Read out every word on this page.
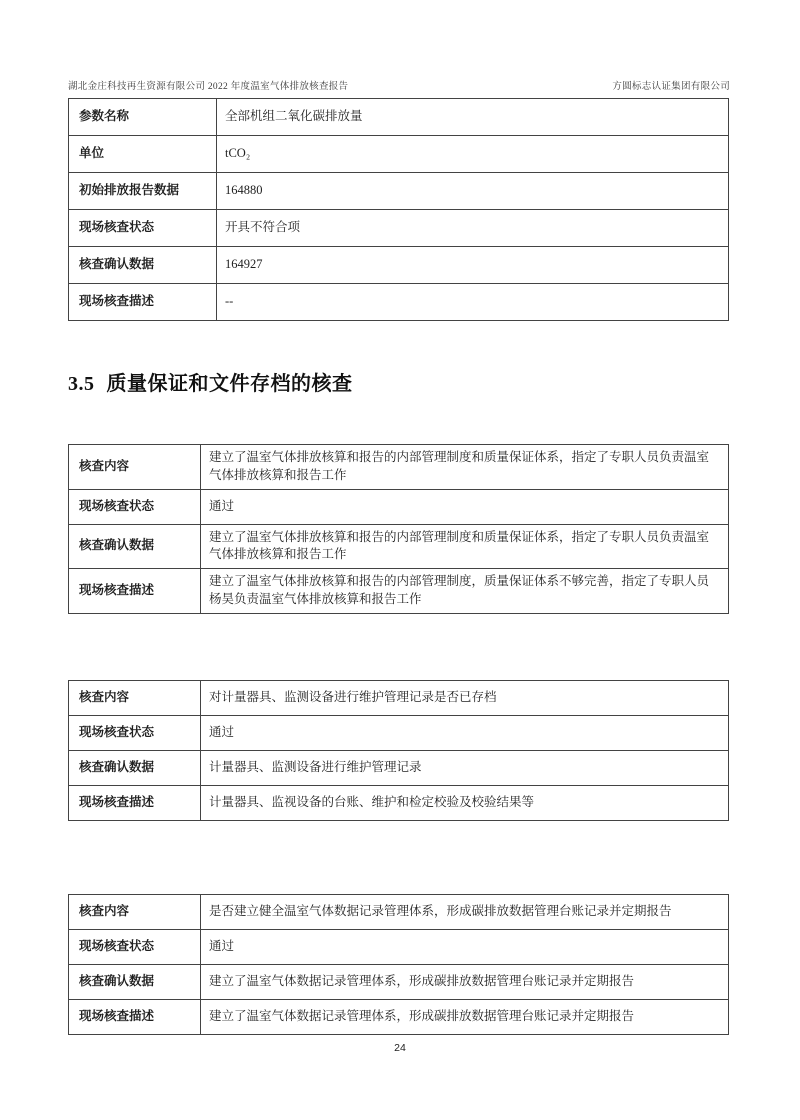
湖北金庄科技再生资源有限公司 2022 年度温室气体排放核查报告	方圆标志认证集团有限公司
参数名称	全部机组二氧化碳排放量
单位	tCO₂
初始排放报告数据	164880
现场核查状态	开具不符合项
核查确认数据	164927
现场核查描述	--
3.5 质量保证和文件存档的核查
核查内容	建立了温室气体排放核算和报告的内部管理制度和质量保证体系，指定了专职人员负责温室气体排放核算和报告工作
现场核查状态	通过
核查确认数据	建立了温室气体排放核算和报告的内部管理制度和质量保证体系，指定了专职人员负责温室气体排放核算和报告工作
现场核查描述	建立了温室气体排放核算和报告的内部管理制度，质量保证体系不够完善，指定了专职人员杨昊负责温室气体排放核算和报告工作
核查内容	对计量器具、监测设备进行维护管理记录是否已存档
现场核查状态	通过
核查确认数据	计量器具、监测设备进行维护管理记录
现场核查描述	计量器具、监视设备的台账、维护和检定校验及校验结果等
核查内容	是否建立健全温室气体数据记录管理体系，形成碳排放数据管理台账记录并定期报告
现场核查状态	通过
核查确认数据	建立了温室气体数据记录管理体系，形成碳排放数据管理台账记录并定期报告
现场核查描述	建立了温室气体数据记录管理体系，形成碳排放数据管理台账记录并定期报告
24
